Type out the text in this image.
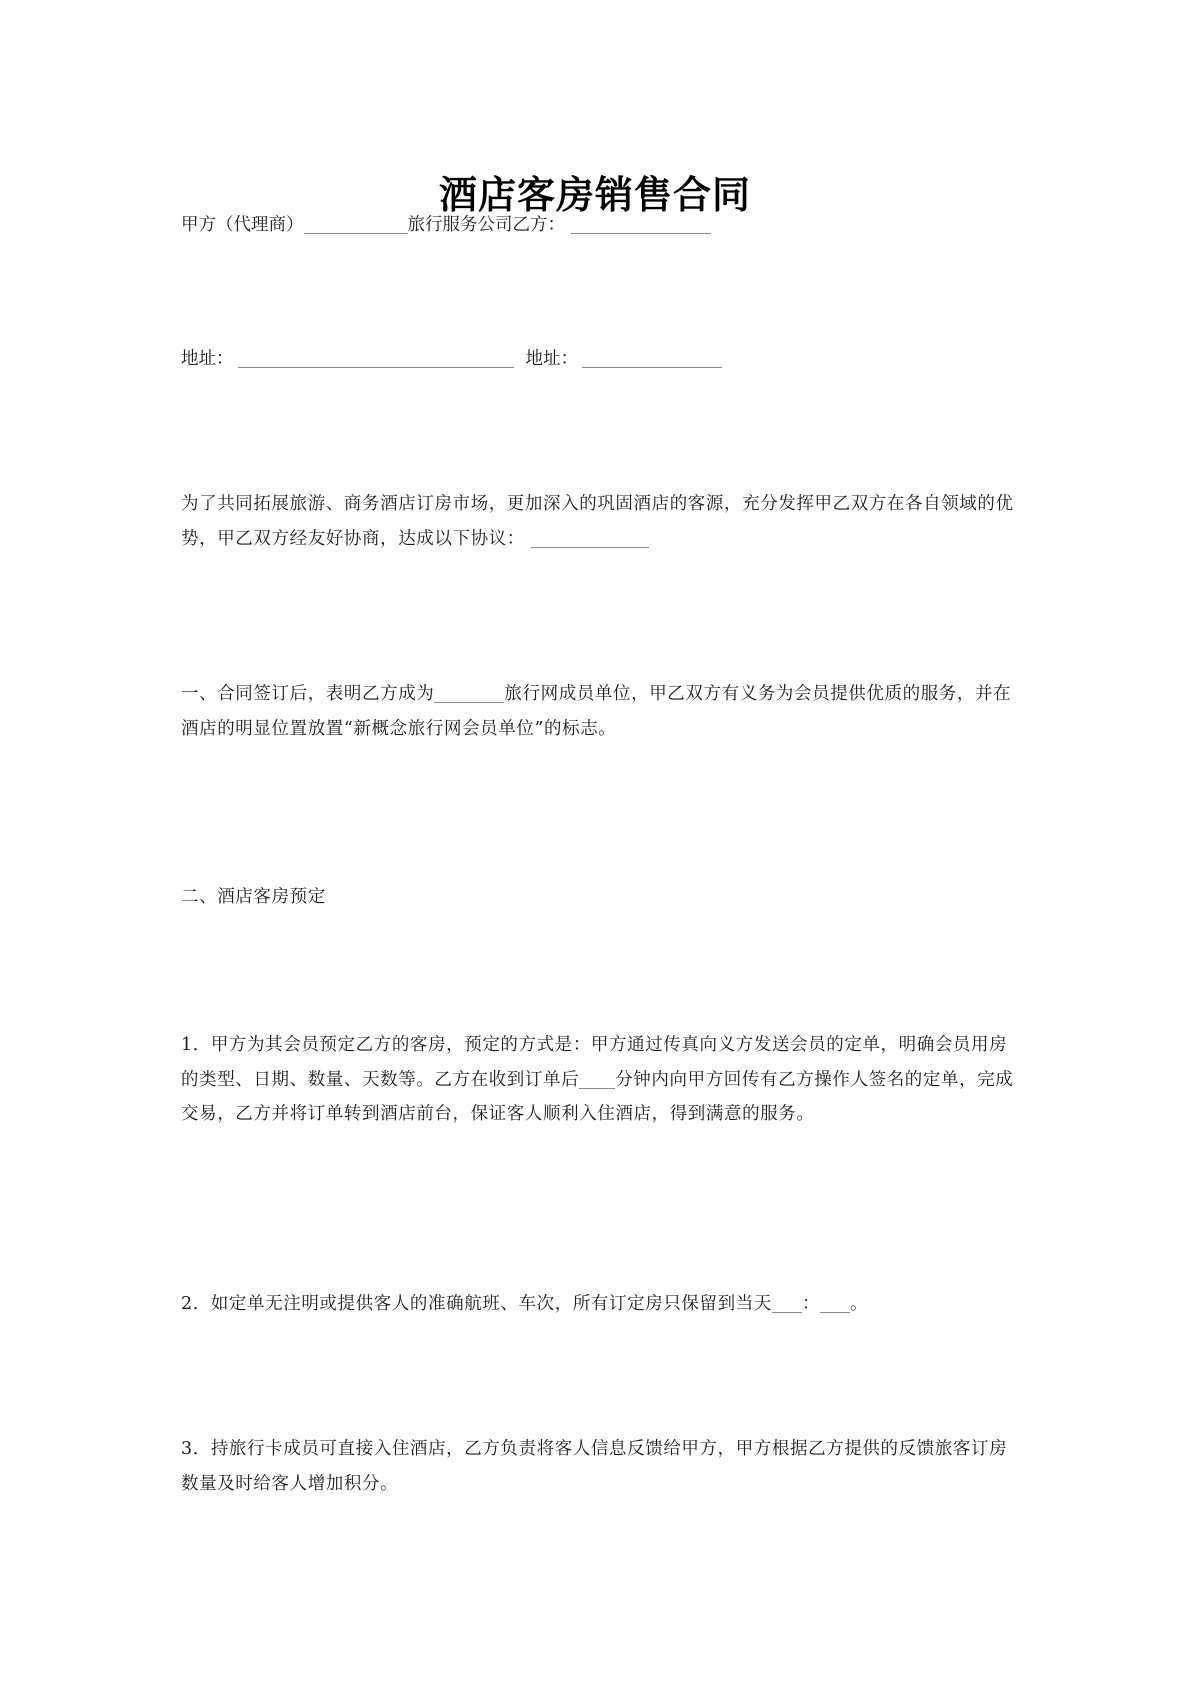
酒店客房销售合同
甲方（代理商）	旅行服务公司乙方：
地址：	地址：
为了共同拓展旅游、商务酒店订房市场，更加深入的巩固酒店的客源，充分发挥甲乙双方在各自领域的优势，甲乙双方经友好协商，达成以下协议：
一、合同签订后，表明乙方成为	旅行网成员单位，甲乙双方有义务为会员提供优质的服务，并在酒店的明显位置放置“新概念旅行网会员单位”的标志。
二、酒店客房预定
1．甲方为其会员预定乙方的客房，预定的方式是：甲方通过传真向义方发送会员的定单，明确会员用房的类型、日期、数量、天数等。乙方在收到订单后 分钟内向甲方回传有乙方操作人签名的定单，完成交易，乙方并将订单转到酒店前台，保证客人顺利入住酒店，得到满意的服务。
2．如定单无注明或提供客人的准确航班、车次，所有订定房只保留到当天 ： 。
3．持旅行卡成员可直接入住酒店，乙方负责将客人信息反馈给甲方，甲方根据乙方提供的反馈旅客订房数量及时给客人增加积分。
